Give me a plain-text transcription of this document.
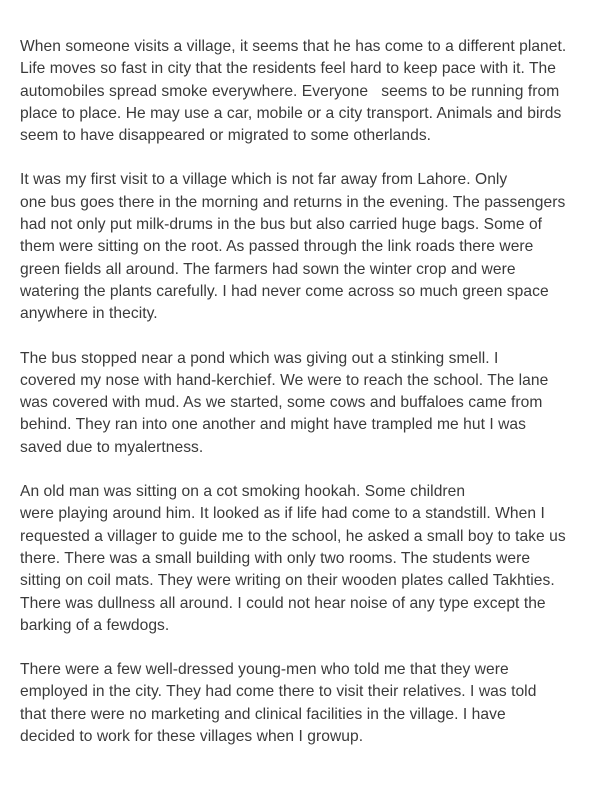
When someone visits a village, it seems that he has come to a different planet.
Life moves so fast in city that the residents feel hard to keep pace with it. The
automobiles spread smoke everywhere. Everyone   seems to be running from
place to place. He may use a car, mobile or a city transport. Animals and birds
seem to have disappeared or migrated to some otherlands.

It was my first visit to a village which is not far away from Lahore. Only
one bus goes there in the morning and returns in the evening. The passengers
had not only put milk-drums in the bus but also carried huge bags. Some of
them were sitting on the root. As passed through the link roads there were
green fields all around. The farmers had sown the winter crop and were
watering the plants carefully. I had never come across so much green space
anywhere in thecity.

The bus stopped near a pond which was giving out a stinking smell. I
covered my nose with hand-kerchief. We were to reach the school. The lane
was covered with mud. As we started, some cows and buffaloes came from
behind. They ran into one another and might have trampled me hut I was
saved due to myalertness.

An old man was sitting on a cot smoking hookah. Some children
were playing around him. It looked as if life had come to a standstill. When I
requested a villager to guide me to the school, he asked a small boy to take us
there. There was a small building with only two rooms. The students were
sitting on coil mats. They were writing on their wooden plates called Takhties.
There was dullness all around. I could not hear noise of any type except the
barking of a fewdogs.

There were a few well-dressed young-men who told me that they were
employed in the city. They had come there to visit their relatives. I was told
that there were no marketing and clinical facilities in the village. I have
decided to work for these villages when I growup.
